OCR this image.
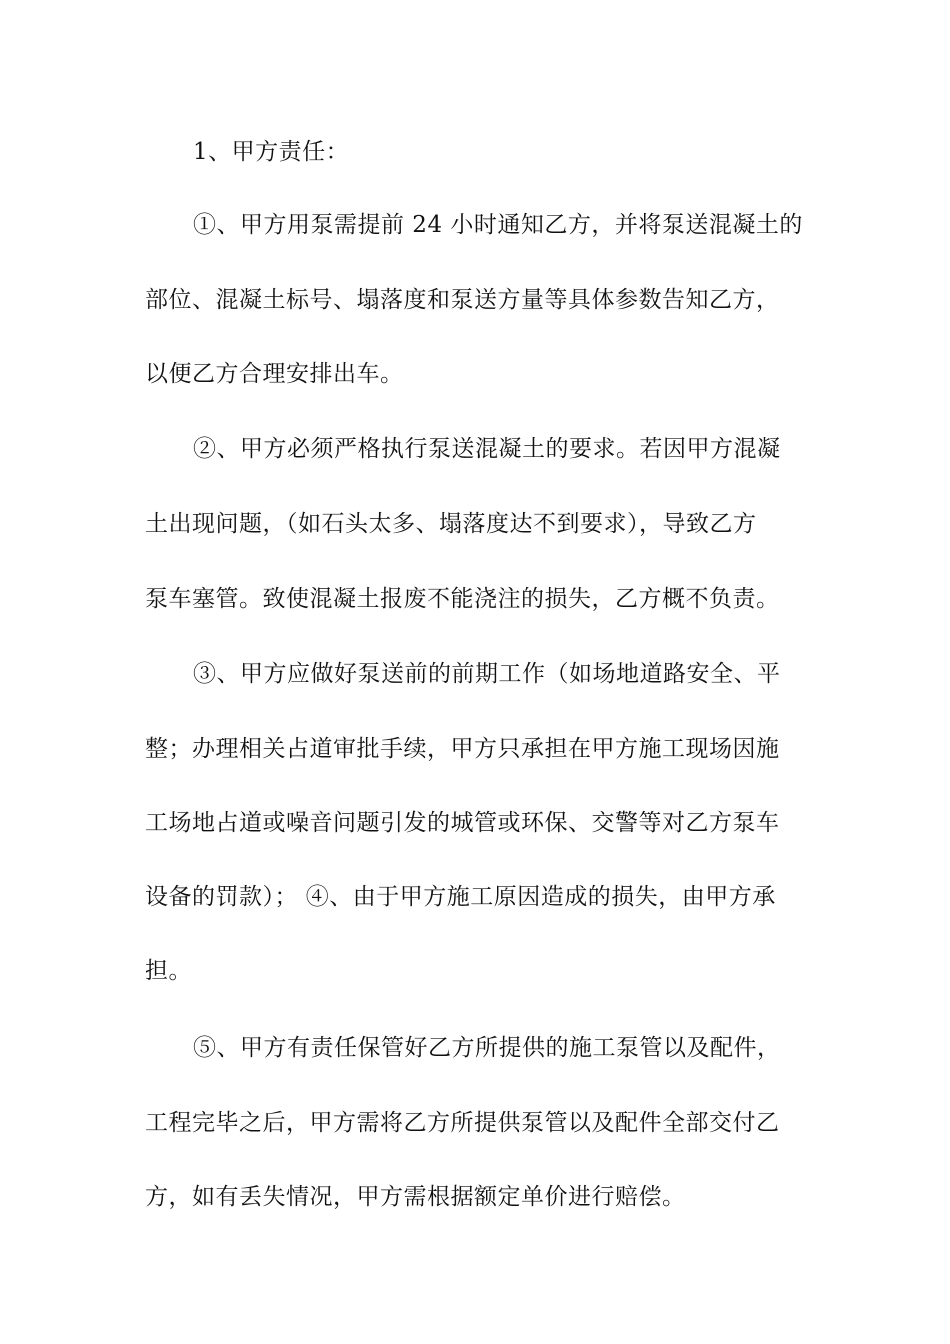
1、甲方责任：
①、甲方用泵需提前 24 小时通知乙方，并将泵送混凝土的
部位、混凝土标号、塌落度和泵送方量等具体参数告知乙方，
以便乙方合理安排出车。
②、甲方必须严格执行泵送混凝土的要求。若因甲方混凝
土出现问题，（如石头太多、塌落度达不到要求），导致乙方
泵车塞管。致使混凝土报废不能浇注的损失，乙方概不负责。
③、甲方应做好泵送前的前期工作（如场地道路安全、平
整；办理相关占道审批手续，甲方只承担在甲方施工现场因施
工场地占道或噪音问题引发的城管或环保、交警等对乙方泵车
设备的罚款）； ④、由于甲方施工原因造成的损失，由甲方承
担。
⑤、甲方有责任保管好乙方所提供的施工泵管以及配件，
工程完毕之后，甲方需将乙方所提供泵管以及配件全部交付乙
方，如有丢失情况，甲方需根据额定单价进行赔偿。
